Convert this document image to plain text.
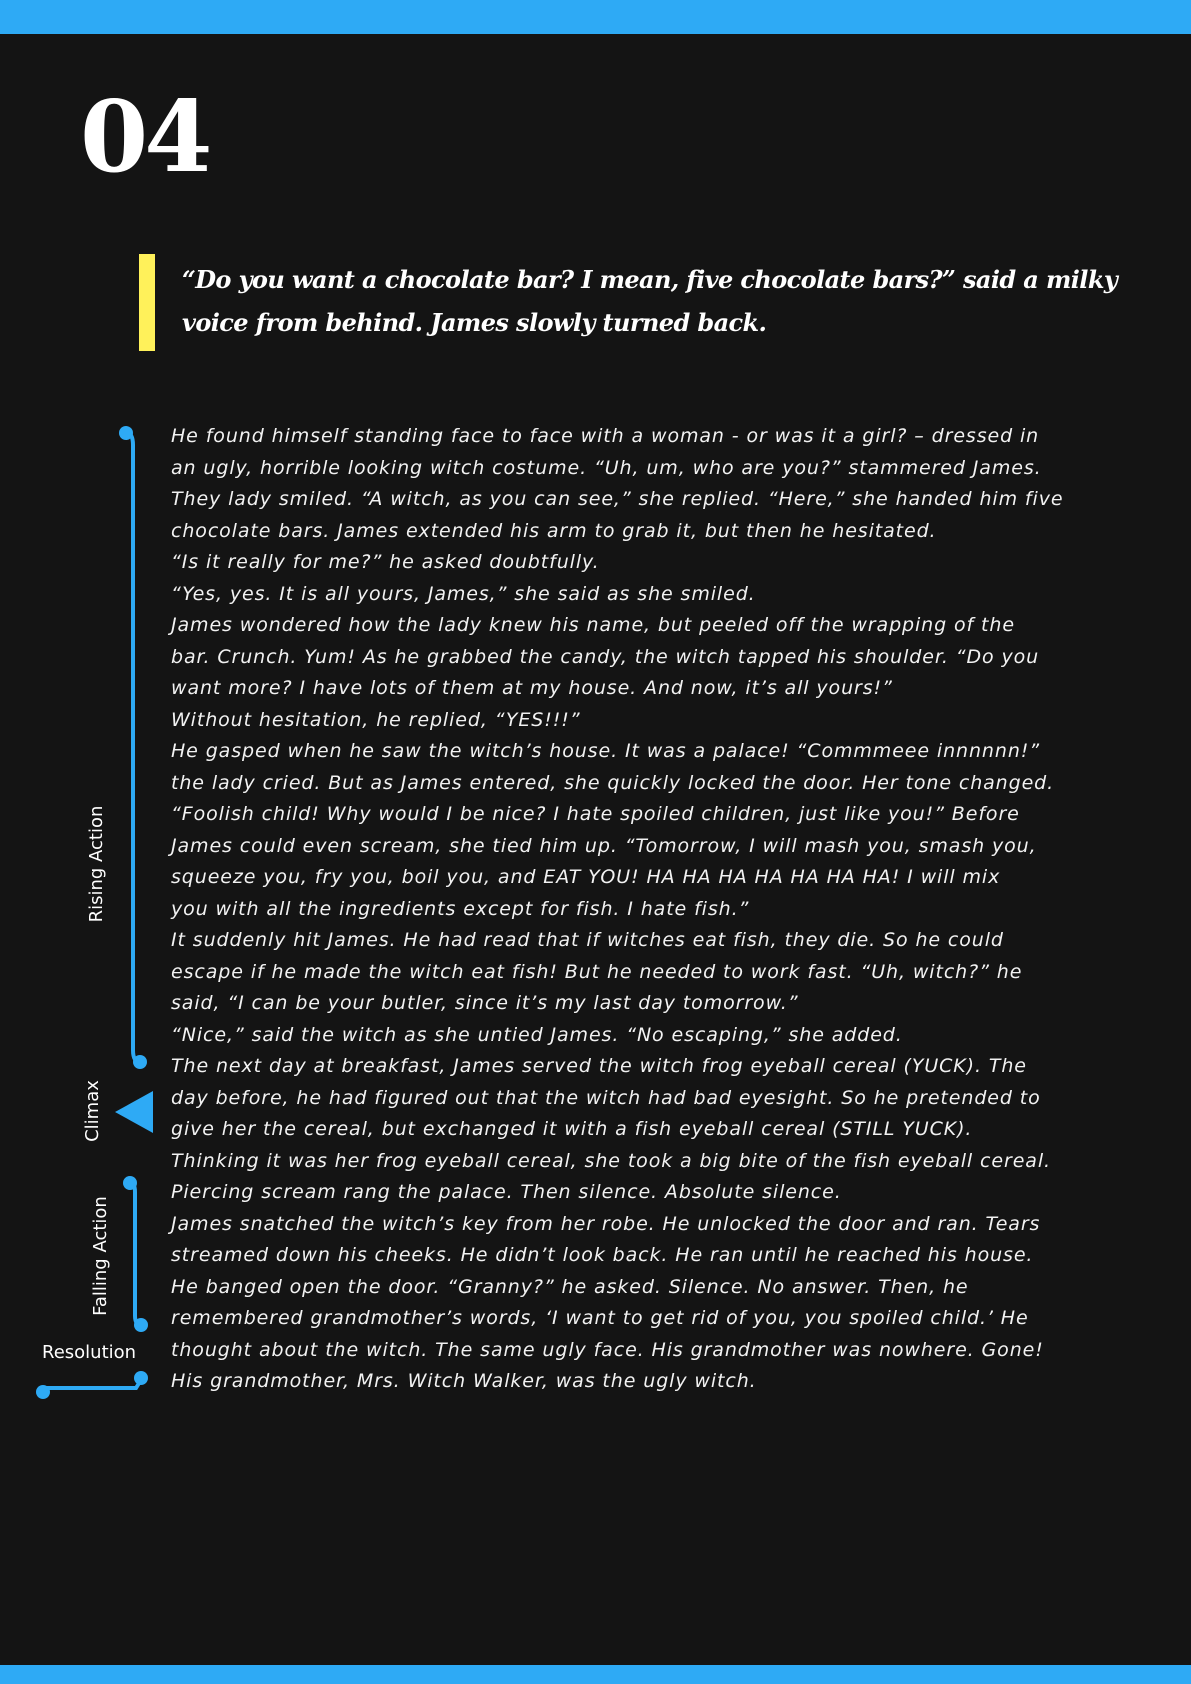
04

“Do you want a chocolate bar? I mean, five chocolate bars?” said a milky voice from behind. James slowly turned back.

Rising Action
Climax
Falling Action
Resolution
He found himself standing face to face with a woman - or was it a girl? – dressed in
an ugly, horrible looking witch costume. “Uh, um, who are you?” stammered James.
They lady smiled. “A witch, as you can see,” she replied. “Here,” she handed him five
chocolate bars. James extended his arm to grab it, but then he hesitated.
“Is it really for me?” he asked doubtfully.
“Yes, yes. It is all yours, James,” she said as she smiled.
James wondered how the lady knew his name, but peeled off the wrapping of the
bar. Crunch. Yum! As he grabbed the candy, the witch tapped his shoulder. “Do you
want more? I have lots of them at my house. And now, it’s all yours!”
Without hesitation, he replied, “YES!!!”
He gasped when he saw the witch’s house. It was a palace! “Commmeee innnnnn!”
the lady cried. But as James entered, she quickly locked the door. Her tone changed.
“Foolish child! Why would I be nice? I hate spoiled children, just like you!” Before
James could even scream, she tied him up. “Tomorrow, I will mash you, smash you,
squeeze you, fry you, boil you, and EAT YOU! HA HA HA HA HA HA HA! I will mix
you with all the ingredients except for fish. I hate fish.”
It suddenly hit James. He had read that if witches eat fish, they die. So he could
escape if he made the witch eat fish! But he needed to work fast. “Uh, witch?” he
said, “I can be your butler, since it’s my last day tomorrow.”
“Nice,” said the witch as she untied James. “No escaping,” she added.
The next day at breakfast, James served the witch frog eyeball cereal (YUCK). The
day before, he had figured out that the witch had bad eyesight. So he pretended to
give her the cereal, but exchanged it with a fish eyeball cereal (STILL YUCK).
Thinking it was her frog eyeball cereal, she took a big bite of the fish eyeball cereal.
Piercing scream rang the palace. Then silence. Absolute silence.
James snatched the witch’s key from her robe. He unlocked the door and ran. Tears
streamed down his cheeks. He didn’t look back. He ran until he reached his house.
He banged open the door. “Granny?” he asked. Silence. No answer. Then, he
remembered grandmother’s words, ‘I want to get rid of you, you spoiled child.’ He
thought about the witch. The same ugly face. His grandmother was nowhere. Gone!
His grandmother, Mrs. Witch Walker, was the ugly witch.
